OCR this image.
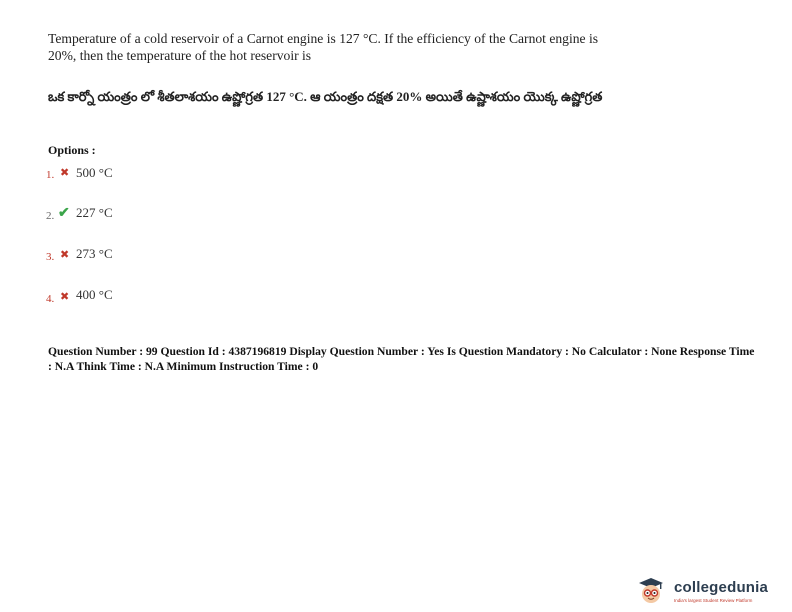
Temperature of a cold reservoir of a Carnot engine is 127 °C. If the efficiency of the Carnot engine is 20%, then the temperature of the hot reservoir is
ఒక కార్నో యంత్రం లో శీతలాశయం ఉష్ణోగ్రత 127 °C. ఆ యంత్రం దక్షత 20% అయితే ఉష్ణాశయం యొక్క ఉష్ణోగ్రత
Options :
1. ✖ 500 °C
2. ✔ 227 °C
3. ✖ 273 °C
4. ✖ 400 °C
Question Number : 99 Question Id : 4387196819 Display Question Number : Yes Is Question Mandatory : No Calculator : None Response Time : N.A Think Time : N.A Minimum Instruction Time : 0
collegedunia
India's largest Student Review Platform
